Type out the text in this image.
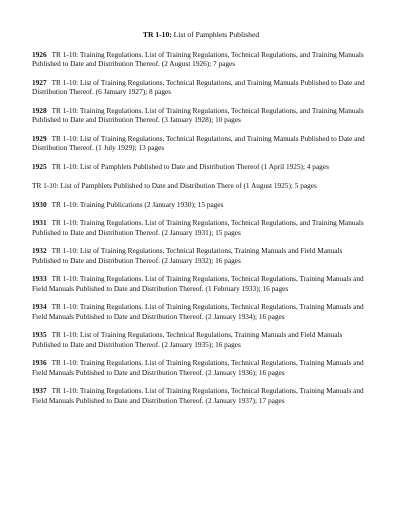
TR 1-10: List of Pamphlets Published
1926 TR 1-10: Training Regulations. List of Training Regulations, Technical Regulations, and Training Manuals Published to Date and Distribution Thereof. (2 August 1926); 7 pages
1927 TR 1-10: List of Training Regulations, Technical Regulations, and Training Manuals Published to Date and Distribution Thereof. (6 January 1927); 8 pages
1928 TR 1-10: Training Regulations. List of Training Regulations, Technical Regulations, and Training Manuals Published to Date and Distribution Thereof. (3 January 1928); 10 pages
1929 TR 1-10: List of Training Regulations, Technical Regulations, and Training Manuals Published to Date and Distribution Thereof. (1 July 1929); 13 pages
1925 TR 1-10: List of Pamphlets Published to Date and Distribution Thereof (1 April 1925); 4 pages
TR 1-10: List of Pamphlets Published to Date and Distribution There of (1 August 1925); 5 pages
1930 TR 1-10: Training Publications (2 January 1930); 15 pages
1931 TR 1-10: Training Regulations. List of Training Regulations, Technical Regulations, and Training Manuals Published to Date and Distribution Thereof. (2 January 1931); 15 pages
1932 TR 1-10: List of Training Regulations, Technical Regulations, Training Manuals and Field Manuals Published to Date and Distribution Thereof. (2 January 1932); 16 pages
1933 TR 1-10: Training Regulations. List of Training Regulations, Technical Regulations, Training Manuals and Field Manuals Published to Date and Distribution Thereof. (1 February 1933); 16 pages
1934 TR 1-10: Training Regulations. List of Training Regulations, Technical Regulations, Training Manuals and Field Manuals Published to Date and Distribution Thereof. (2 January 1934); 16 pages
1935 TR 1-10: List of Training Regulations, Technical Regulations, Training Manuals and Field Manuals Published to Date and Distribution Thereof. (2 January 1935); 16 pages
1936 TR 1-10: Training Regulations. List of Training Regulations, Technical Regulations, Training Manuals and Field Manuals Published to Date and Distribution Thereof. (2 January 1936); 16 pages
1937 TR 1-10: Training Regulations. List of Training Regulations, Technical Regulations, Training Manuals and Field Manuals Published to Date and Distribution Thereof. (2 January 1937); 17 pages
